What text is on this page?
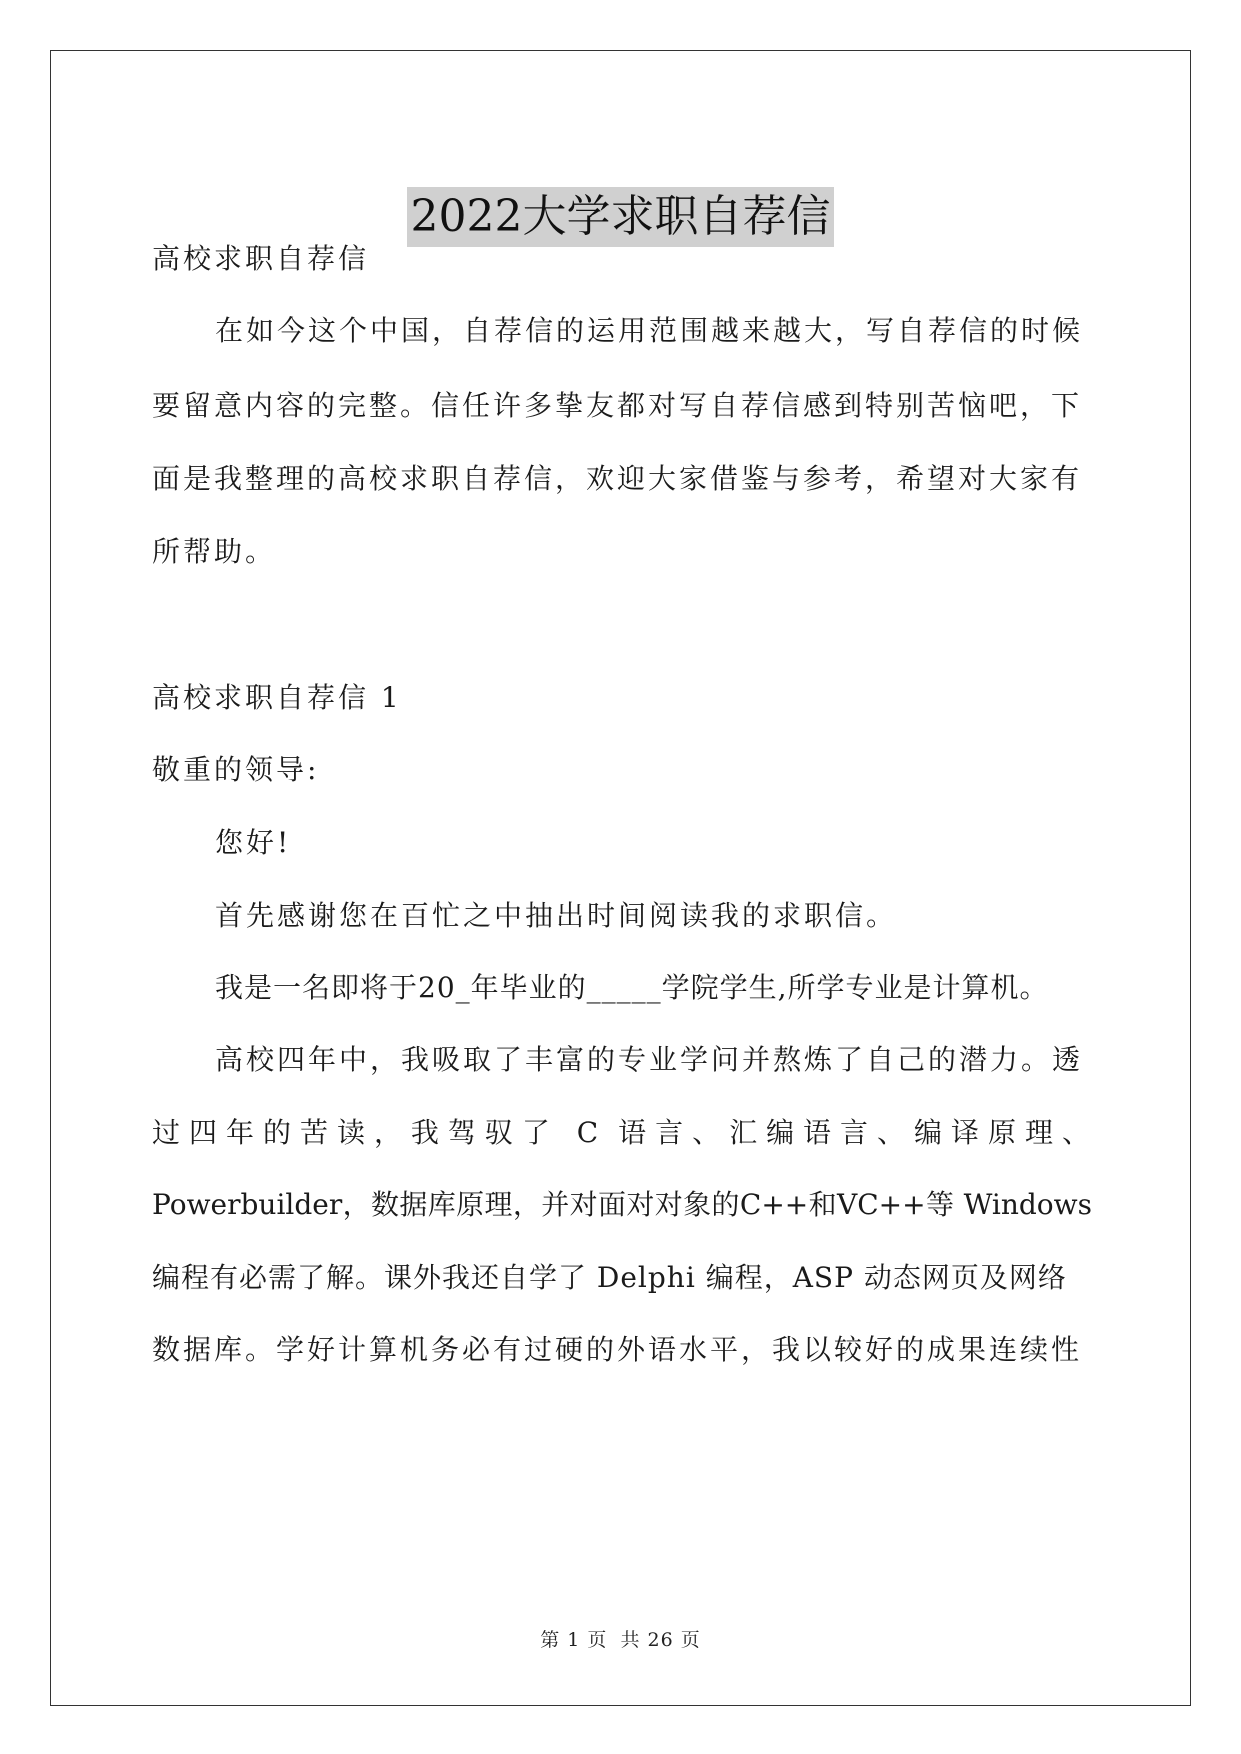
2022大学求职自荐信
高校求职自荐信
在如今这个中国，自荐信的运用范围越来越大，写自荐信的时候
要留意内容的完整。信任许多挚友都对写自荐信感到特别苦恼吧，下
面是我整理的高校求职自荐信，欢迎大家借鉴与参考，希望对大家有
所帮助。
高校求职自荐信 1
敬重的领导:
您好!
首先感谢您在百忙之中抽出时间阅读我的求职信。
我是一名即将于20_年毕业的_____学院学生,所学专业是计算机。
高校四年中，我吸取了丰富的专业学问并熬炼了自己的潜力。透
过四年的苦读，我驾驭了 C 语言、汇编语言、编译原理、
Powerbuilder，数据库原理，并对面对对象的C++和VC++等 Windows
编程有必需了解。课外我还自学了 Delphi 编程，ASP 动态网页及网络
数据库。学好计算机务必有过硬的外语水平，我以较好的成果连续性
第 1 页 共 26 页
